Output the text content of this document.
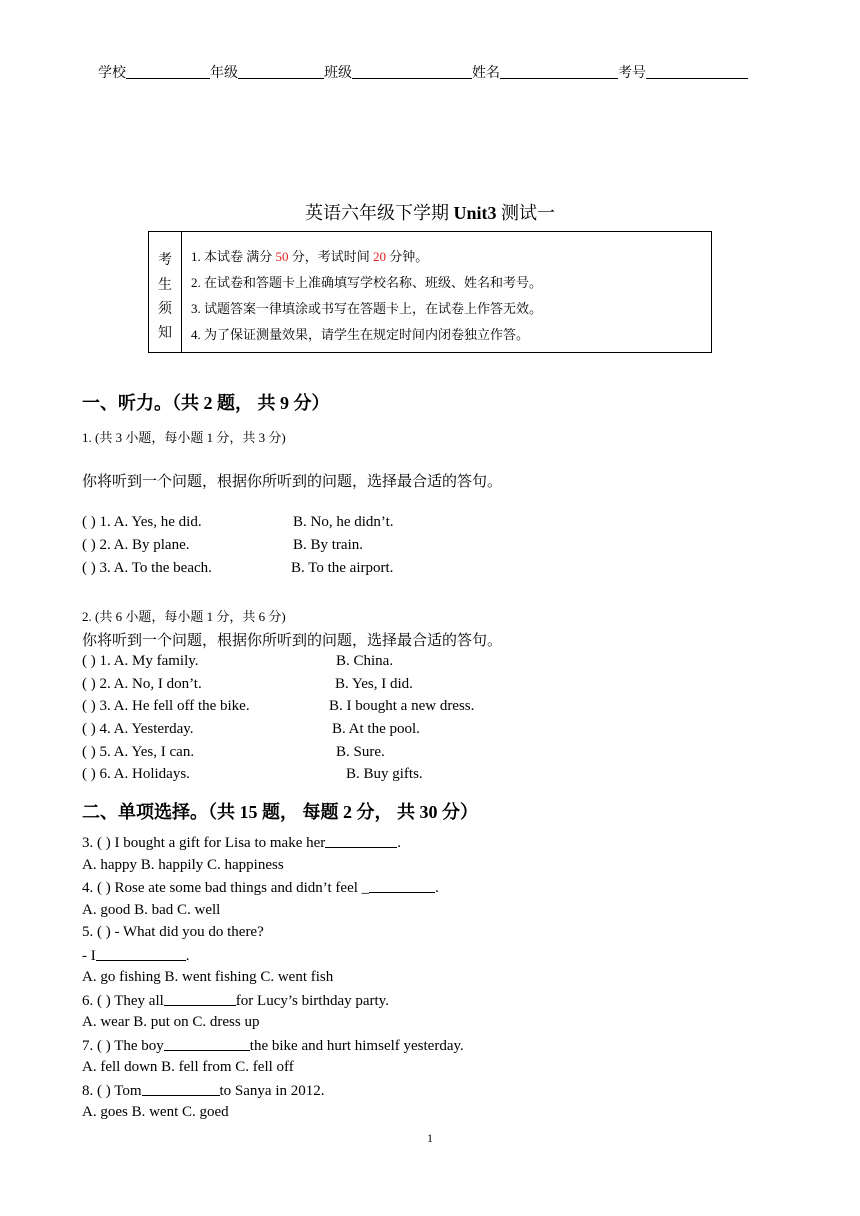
学校	年级	班级	姓名	考号
英语六年级下学期 Unit3 测试一
考
生
须
知
1. 本试卷 满分 50 分，考试时间 20 分钟。
2. 在试卷和答题卡上准确填写学校名称、班级、姓名和考号。
3. 试题答案一律填涂或书写在答题卡上，在试卷上作答无效。
4. 为了保证测量效果，请学生在规定时间内闭卷独立作答。
一、听力。（共 2 题， 共 9 分）
1. (共 3 小题，每小题 1 分，共 3 分)
你将听到一个问题，根据你所听到的问题，选择最合适的答句。
( ) 1. A. Yes, he did.	B. No, he didn’t.
( ) 2. A. By plane.	B. By train.
( ) 3. A. To the beach.	B. To the airport.
2. (共 6 小题，每小题 1 分，共 6 分)
你将听到一个问题，根据你所听到的问题，选择最合适的答句。
( ) 1. A. My family.	B. China.
( ) 2. A. No, I don’t.	B. Yes, I did.
( ) 3. A. He fell off the bike.	B. I bought a new dress.
( ) 4. A. Yesterday.	B. At the pool.
( ) 5. A. Yes, I can.	B. Sure.
( ) 6. A. Holidays.	B. Buy gifts.
二、单项选择。（共 15 题， 每题 2 分， 共 30 分）
3. ( ) I bought a gift for Lisa to make her	.
A. happy B. happily C. happiness
4. ( ) Rose ate some bad things and didn’t feel _	.
A. good B. bad C. well
5. ( ) - What did you do there?
- I	.
A. go fishing B. went fishing C. went fish
6. ( ) They all	for Lucy’s birthday party.
A. wear B. put on C. dress up
7. ( ) The boy	the bike and hurt himself yesterday.
A. fell down B. fell from C. fell off
8. ( ) Tom	to Sanya in 2012.
A. goes B. went C. goed
1
